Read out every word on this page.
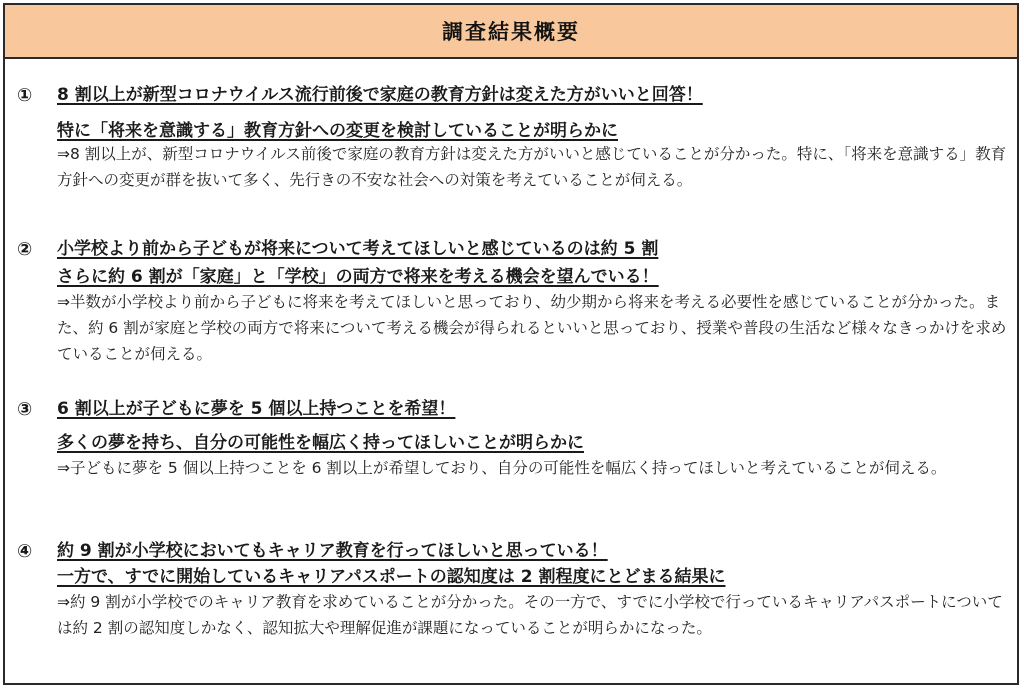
調査結果概要
① 8 割以上が新型コロナウイルス流行前後で家庭の教育方針は変えた方がいいと回答！
特に「将来を意識する」教育方針への変更を検討していることが明らかに
⇒8 割以上が、新型コロナウイルス前後で家庭の教育方針は変えた方がいいと感じていることが分かった。特に、「将来を意識する」教育方針への変更が群を抜いて多く、先行きの不安な社会への対策を考えていることが伺える。
② 小学校より前から子どもが将来について考えてほしいと感じているのは約 5 割
さらに約 6 割が「家庭」と「学校」の両方で将来を考える機会を望んでいる！
⇒半数が小学校より前から子どもに将来を考えてほしいと思っており、幼少期から将来を考える必要性を感じていることが分かった。また、約 6 割が家庭と学校の両方で将来について考える機会が得られるといいと思っており、授業や普段の生活など様々なきっかけを求めていることが伺える。
③ 6 割以上が子どもに夢を 5 個以上持つことを希望！
多くの夢を持ち、自分の可能性を幅広く持ってほしいことが明らかに
⇒子どもに夢を 5 個以上持つことを 6 割以上が希望しており、自分の可能性を幅広く持ってほしいと考えていることが伺える。
④ 約 9 割が小学校においてもキャリア教育を行ってほしいと思っている！
一方で、すでに開始しているキャリアパスポートの認知度は 2 割程度にとどまる結果に
⇒約 9 割が小学校でのキャリア教育を求めていることが分かった。その一方で、すでに小学校で行っているキャリアパスポートについては約 2 割の認知度しかなく、認知拡大や理解促進が課題になっていることが明らかになった。
